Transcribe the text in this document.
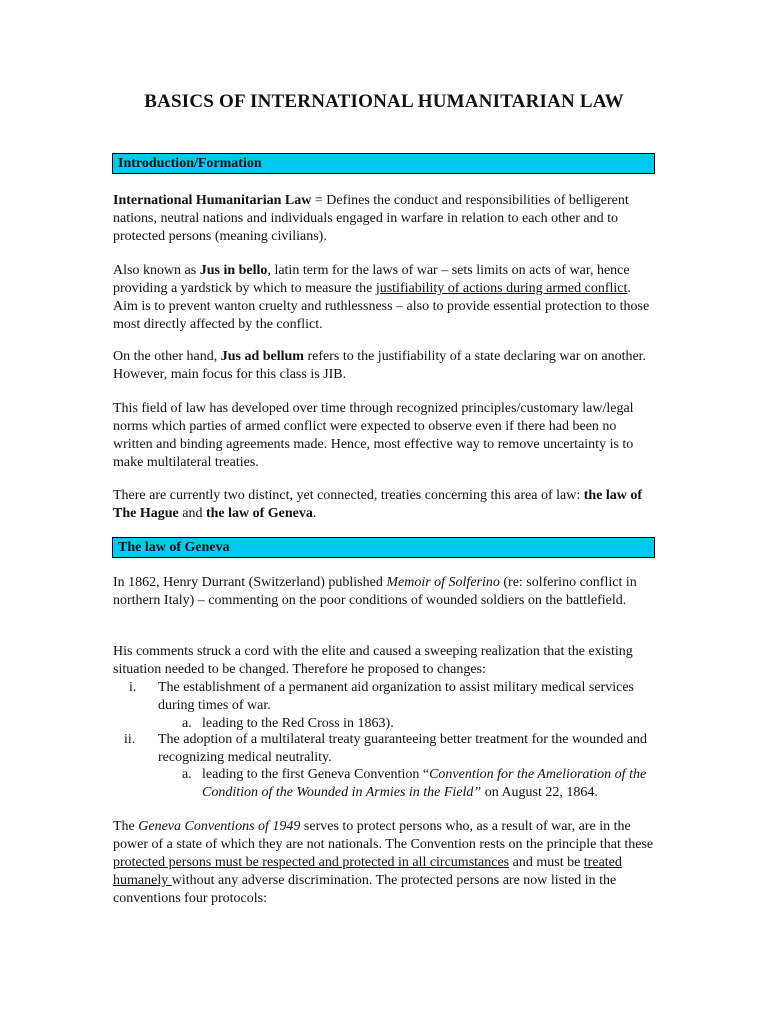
BASICS OF INTERNATIONAL HUMANITARIAN LAW
Introduction/Formation
International Humanitarian Law = Defines the conduct and responsibilities of belligerent nations, neutral nations and individuals engaged in warfare in relation to each other and to protected persons (meaning civilians).
Also known as Jus in bello, latin term for the laws of war – sets limits on acts of war, hence providing a yardstick by which to measure the justifiability of actions during armed conflict. Aim is to prevent wanton cruelty and ruthlessness – also to provide essential protection to those most directly affected by the conflict.
On the other hand, Jus ad bellum refers to the justifiability of a state declaring war on another. However, main focus for this class is JIB.
This field of law has developed over time through recognized principles/customary law/legal norms which parties of armed conflict were expected to observe even if there had been no written and binding agreements made. Hence, most effective way to remove uncertainty is to make multilateral treaties.
There are currently two distinct, yet connected, treaties concerning this area of law: the law of The Hague and the law of Geneva.
The law of Geneva
In 1862, Henry Durrant (Switzerland) published Memoir of Solferino (re: solferino conflict in northern Italy) – commenting on the poor conditions of wounded soldiers on the battlefield.
His comments struck a cord with the elite and caused a sweeping realization that the existing situation needed to be changed. Therefore he proposed to changes:
i. The establishment of a permanent aid organization to assist military medical services during times of war.
a. leading to the Red Cross in 1863).
ii. The adoption of a multilateral treaty guaranteeing better treatment for the wounded and recognizing medical neutrality.
a. leading to the first Geneva Convention “Convention for the Amelioration of the Condition of the Wounded in Armies in the Field” on August 22, 1864.
The Geneva Conventions of 1949 serves to protect persons who, as a result of war, are in the power of a state of which they are not nationals. The Convention rests on the principle that these protected persons must be respected and protected in all circumstances and must be treated humanely without any adverse discrimination. The protected persons are now listed in the conventions four protocols:
